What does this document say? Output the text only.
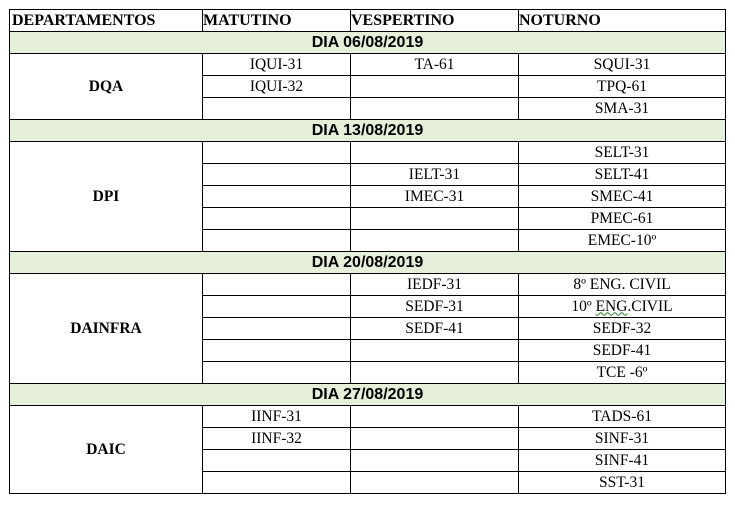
DEPARTAMENTOS	MATUTINO	VESPERTINO	NOTURNO
DIA 06/08/2019			
DQA	IQUI-31	TA-61	SQUI-31
	IQUI-32		TPQ-61
			SMA-31
DIA 13/08/2019			
DPI			SELT-31
		IELT-31	SELT-41
		IMEC-31	SMEC-41
			PMEC-61
			EMEC-10º
DIA 20/08/2019			
DAINFRA		IEDF-31	8º ENG. CIVIL
		SEDF-31	10º ENG.CIVIL
		SEDF-41	SEDF-32
			SEDF-41
			TCE -6º
DIA 27/08/2019			
DAIC	IINF-31		TADS-61
	IINF-32		SINF-31
			SINF-41
			SST-31
